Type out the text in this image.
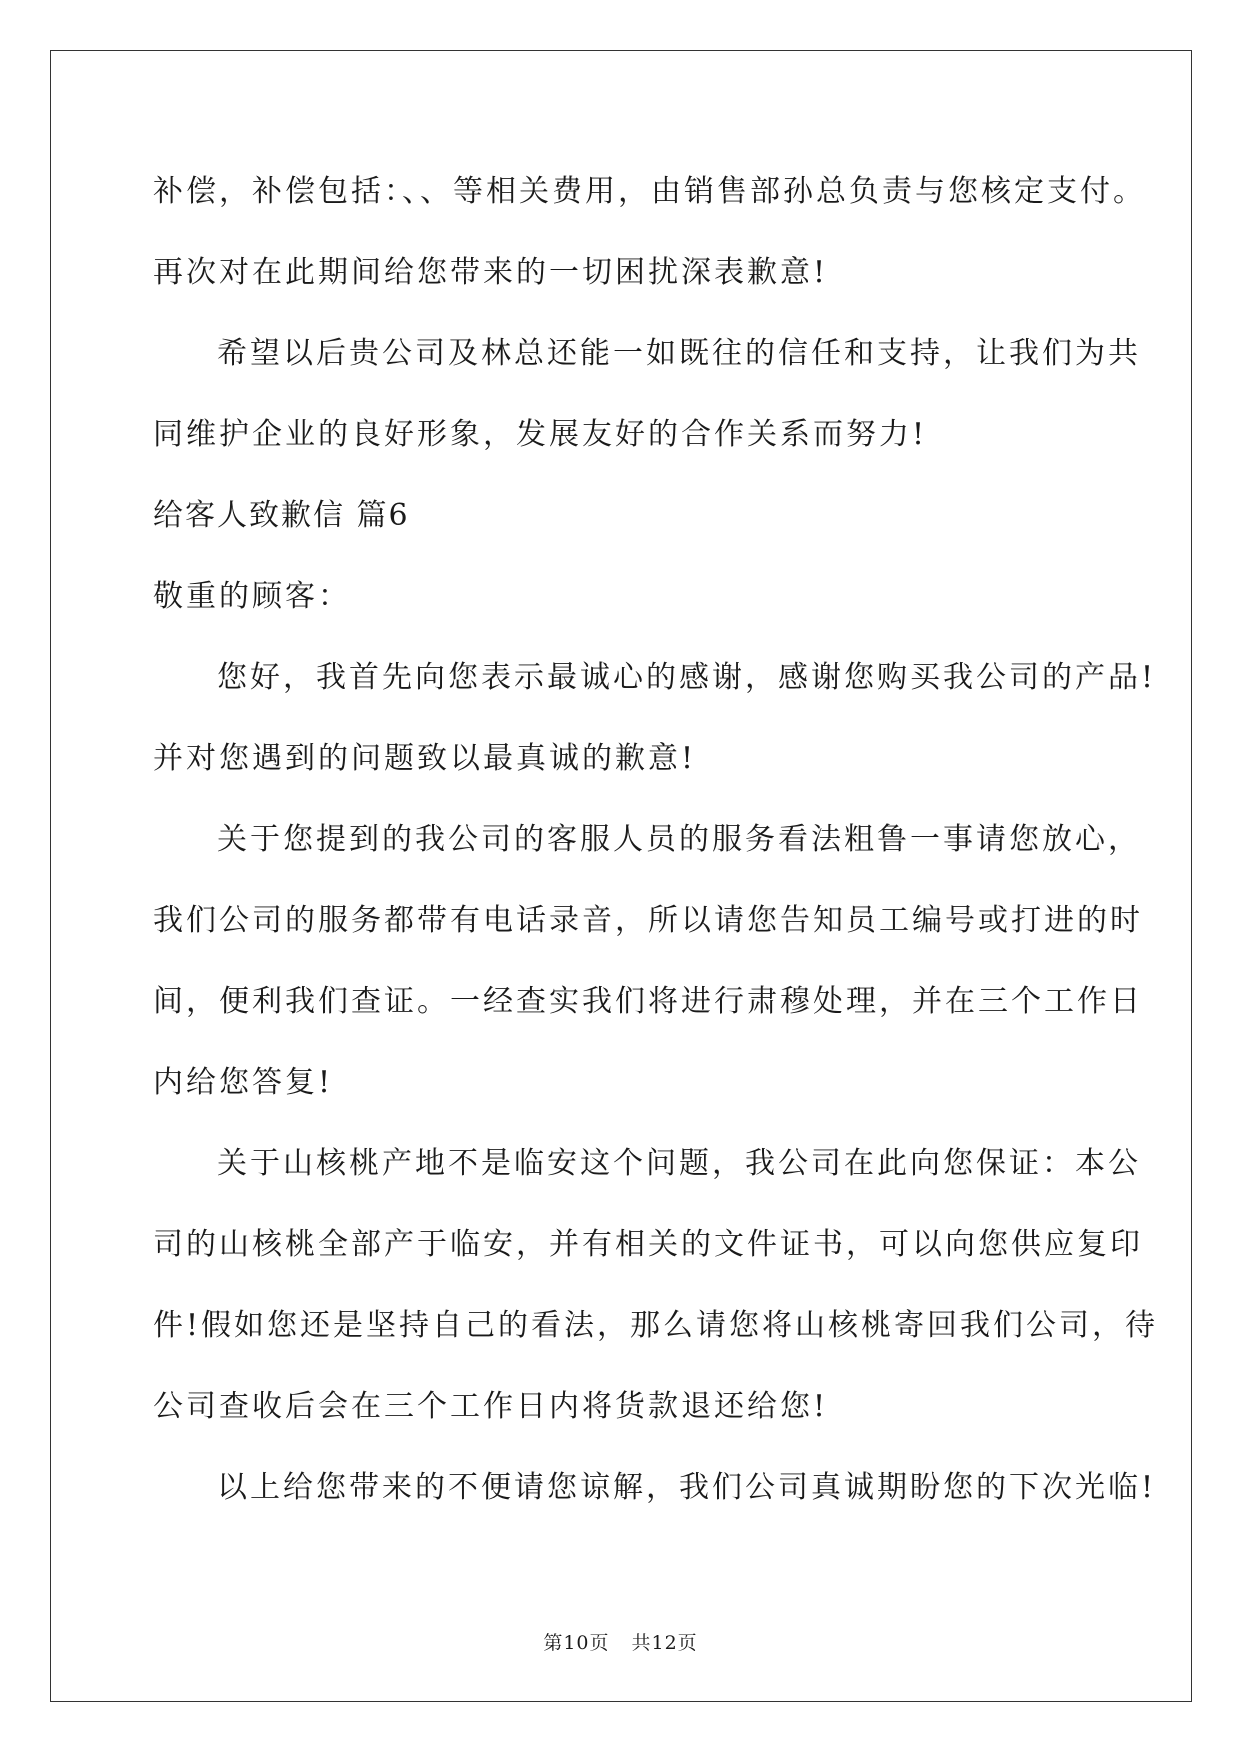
补偿，补偿包括：、、等相关费用，由销售部孙总负责与您核定支付。
再次对在此期间给您带来的一切困扰深表歉意!
希望以后贵公司及林总还能一如既往的信任和支持，让我们为共
同维护企业的良好形象，发展友好的合作关系而努力!
给客人致歉信 篇6
敬重的顾客：
您好，我首先向您表示最诚心的感谢，感谢您购买我公司的产品!
并对您遇到的问题致以最真诚的歉意!
关于您提到的我公司的客服人员的服务看法粗鲁一事请您放心，
我们公司的服务都带有电话录音，所以请您告知员工编号或打进的时
间，便利我们查证。一经查实我们将进行肃穆处理，并在三个工作日
内给您答复!
关于山核桃产地不是临安这个问题，我公司在此向您保证：本公
司的山核桃全部产于临安，并有相关的文件证书，可以向您供应复印
件!假如您还是坚持自己的看法，那么请您将山核桃寄回我们公司，待
公司查收后会在三个工作日内将货款退还给您!
以上给您带来的不便请您谅解，我们公司真诚期盼您的下次光临!
第10页 共12页
